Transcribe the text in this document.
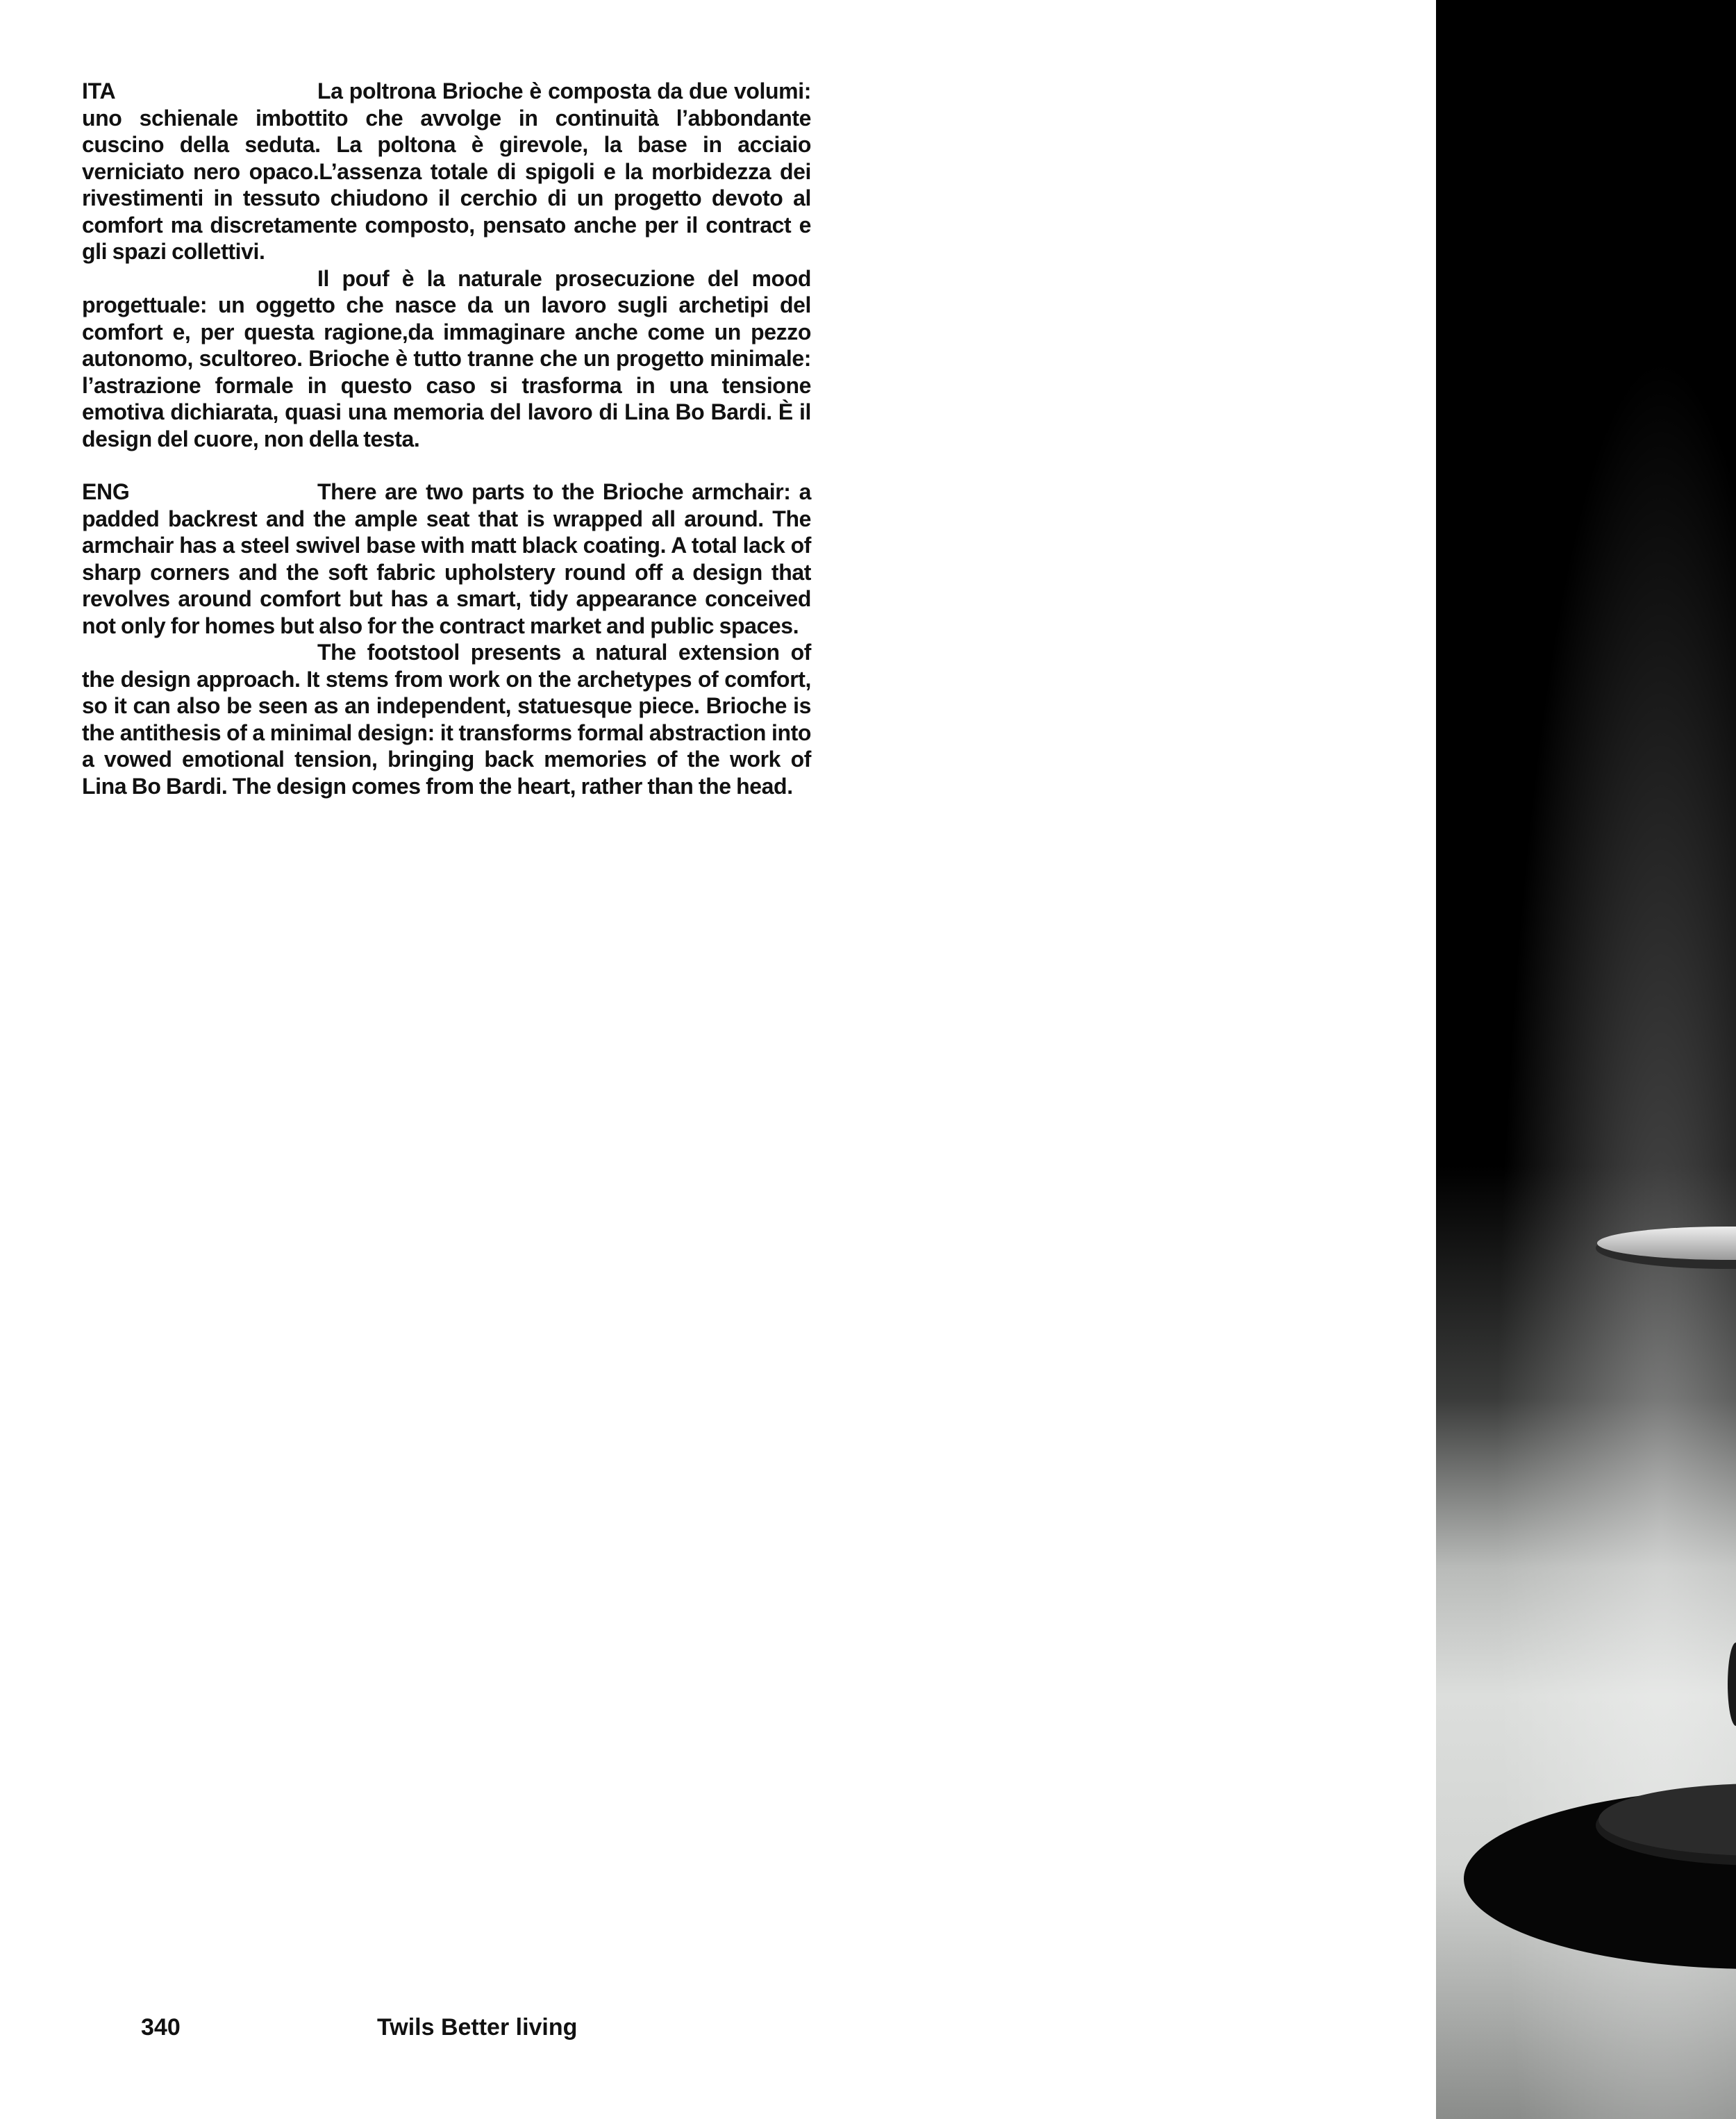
ITA	La poltrona Brioche è composta da due volumi: uno schienale imbottito che avvolge in continuità l’abbondante cuscino della seduta. La poltona è girevole, la base in acciaio verniciato nero opaco.L’assenza totale di spigoli e la morbidezza dei rivestimenti in tessuto chiudono il cerchio di un progetto devoto al comfort ma discretamente composto, pensato anche per il contract e gli spazi collettivi.

Il pouf è la naturale prosecuzione del mood progettuale: un oggetto che nasce da un lavoro sugli archetipi del comfort e, per questa ragione,da immaginare anche come un pezzo autonomo, scultoreo. Brioche è tutto tranne che un progetto minimale: l’astrazione formale in questo caso si trasforma in una tensione emotiva dichiarata, quasi una memoria del lavoro di Lina Bo Bardi. È il design del cuore, non della testa.

ENG	There are two parts to the Brioche armchair: a padded backrest and the ample seat that is wrapped all around. The armchair has a steel swivel base with matt black coating. A total lack of sharp corners and the soft fabric upholstery round off a design that revolves around comfort but has a smart, tidy appearance conceived not only for homes but also for the contract market and public spaces.

The footstool presents a natural extension of the design approach. It stems from work on the archetypes of comfort, so it can also be seen as an independent, statuesque piece. Brioche is the antithesis of a minimal design: it transforms formal abstraction into a vowed emotional tension, bringing back memories of the work of Lina Bo Bardi. The design comes from the heart, rather than the head.

340	Twils Better living
